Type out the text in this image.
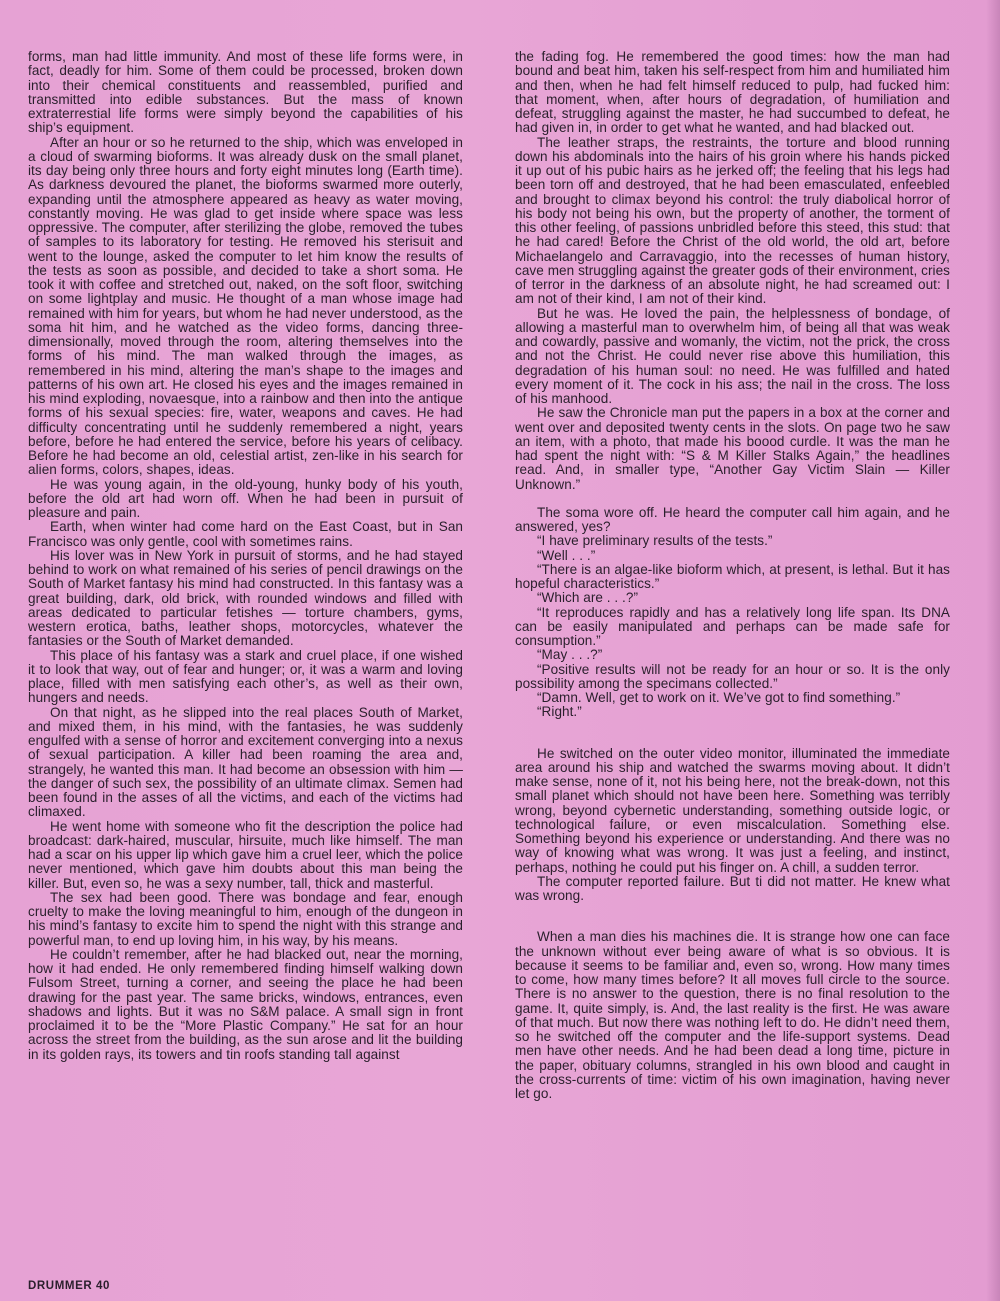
forms, man had little immunity. And most of these life forms were, in fact, deadly for him. Some of them could be processed, broken down into their chemical constituents and reassembled, purified and transmitted into edible substances. But the mass of known extraterrestial life forms were simply beyond the capabilities of his ship’s equipment.

After an hour or so he returned to the ship, which was enveloped in a cloud of swarming bioforms. It was already dusk on the small planet, its day being only three hours and forty eight minutes long (Earth time). As darkness devoured the planet, the bioforms swarmed more outerly, expanding until the atmosphere appeared as heavy as water moving, constantly moving. He was glad to get inside where space was less oppressive. The computer, after sterilizing the globe, removed the tubes of samples to its laboratory for testing. He removed his sterisuit and went to the lounge, asked the computer to let him know the results of the tests as soon as possible, and decided to take a short soma. He took it with coffee and stretched out, naked, on the soft floor, switching on some lightplay and music. He thought of a man whose image had remained with him for years, but whom he had never understood, as the soma hit him, and he watched as the video forms, dancing three-dimensionally, moved through the room, altering themselves into the forms of his mind. The man walked through the images, as remembered in his mind, altering the man’s shape to the images and patterns of his own art. He closed his eyes and the images remained in his mind exploding, novaesque, into a rainbow and then into the antique forms of his sexual species: fire, water, weapons and caves. He had difficulty concentrating until he suddenly remembered a night, years before, before he had entered the service, before his years of celibacy. Before he had become an old, celestial artist, zen-like in his search for alien forms, colors, shapes, ideas.

He was young again, in the old-young, hunky body of his youth, before the old art had worn off. When he had been in pursuit of pleasure and pain.

Earth, when winter had come hard on the East Coast, but in San Francisco was only gentle, cool with sometimes rains.

His lover was in New York in pursuit of storms, and he had stayed behind to work on what remained of his series of pencil drawings on the South of Market fantasy his mind had constructed. In this fantasy was a great building, dark, old brick, with rounded windows and filled with areas dedicated to particular fetishes — torture chambers, gyms, western erotica, baths, leather shops, motorcycles, whatever the fantasies or the South of Market demanded.

This place of his fantasy was a stark and cruel place, if one wished it to look that way, out of fear and hunger; or, it was a warm and loving place, filled with men satisfying each other’s, as well as their own, hungers and needs.

On that night, as he slipped into the real places South of Market, and mixed them, in his mind, with the fantasies, he was suddenly engulfed with a sense of horror and excitement converging into a nexus of sexual participation. A killer had been roaming the area and, strangely, he wanted this man. It had become an obsession with him — the danger of such sex, the possibility of an ultimate climax. Semen had been found in the asses of all the victims, and each of the victims had climaxed.

He went home with someone who fit the description the police had broadcast: dark-haired, muscular, hirsuite, much like himself. The man had a scar on his upper lip which gave him a cruel leer, which the police never mentioned, which gave him doubts about this man being the killer. But, even so, he was a sexy number, tall, thick and masterful.

The sex had been good. There was bondage and fear, enough cruelty to make the loving meaningful to him, enough of the dungeon in his mind’s fantasy to excite him to spend the night with this strange and powerful man, to end up loving him, in his way, by his means.

He couldn’t remember, after he had blacked out, near the morning, how it had ended. He only remembered finding himself walking down Fulsom Street, turning a corner, and seeing the place he had been drawing for the past year. The same bricks, windows, entrances, even shadows and lights. But it was no S&M palace. A small sign in front proclaimed it to be the “More Plastic Company.” He sat for an hour across the street from the building, as the sun arose and lit the building in its golden rays, its towers and tin roofs standing tall against

the fading fog. He remembered the good times: how the man had bound and beat him, taken his self-respect from him and humiliated him and then, when he had felt himself reduced to pulp, had fucked him: that moment, when, after hours of degradation, of humiliation and defeat, struggling against the master, he had succumbed to defeat, he had given in, in order to get what he wanted, and had blacked out.

The leather straps, the restraints, the torture and blood running down his abdominals into the hairs of his groin where his hands picked it up out of his pubic hairs as he jerked off; the feeling that his legs had been torn off and destroyed, that he had been emasculated, enfeebled and brought to climax beyond his control: the truly diabolical horror of his body not being his own, but the property of another, the torment of this other feeling, of passions unbridled before this steed, this stud: that he had cared! Before the Christ of the old world, the old art, before Michaelangelo and Carravaggio, into the recesses of human history, cave men struggling against the greater gods of their environment, cries of terror in the darkness of an absolute night, he had screamed out: I am not of their kind, I am not of their kind.

But he was. He loved the pain, the helplessness of bondage, of allowing a masterful man to overwhelm him, of being all that was weak and cowardly, passive and womanly, the victim, not the prick, the cross and not the Christ. He could never rise above this humiliation, this degradation of his human soul: no need. He was fulfilled and hated every moment of it. The cock in his ass; the nail in the cross. The loss of his manhood.

He saw the Chronicle man put the papers in a box at the corner and went over and deposited twenty cents in the slots. On page two he saw an item, with a photo, that made his boood curdle. It was the man he had spent the night with: “S & M Killer Stalks Again,” the headlines read. And, in smaller type, “Another Gay Victim Slain — Killer Unknown.”

The soma wore off. He heard the computer call him again, and he answered, yes?

“I have preliminary results of the tests.”

“Well . . .”

“There is an algae-like bioform which, at present, is lethal. But it has hopeful characteristics.”

“Which are . . .?”

“It reproduces rapidly and has a relatively long life span. Its DNA can be easily manipulated and perhaps can be made safe for consumption.”

“May . . .?”

“Positive results will not be ready for an hour or so. It is the only possibility among the specimans collected.”

“Damn. Well, get to work on it. We’ve got to find something.”

“Right.”

He switched on the outer video monitor, illuminated the immediate area around his ship and watched the swarms moving about. It didn’t make sense, none of it, not his being here, not the break-down, not this small planet which should not have been here. Something was terribly wrong, beyond cybernetic understanding, something outside logic, or technological failure, or even miscalculation. Something else. Something beyond his experience or understanding. And there was no way of knowing what was wrong. It was just a feeling, and instinct, perhaps, nothing he could put his finger on. A chill, a sudden terror.

The computer reported failure. But ti did not matter. He knew what was wrong.

When a man dies his machines die. It is strange how one can face the unknown without ever being aware of what is so obvious. It is because it seems to be familiar and, even so, wrong. How many times to come, how many times before? It all moves full circle to the source. There is no answer to the question, there is no final resolution to the game. It, quite simply, is. And, the last reality is the first. He was aware of that much. But now there was nothing left to do. He didn’t need them, so he switched off the computer and the life-support systems. Dead men have other needs. And he had been dead a long time, picture in the paper, obituary columns, strangled in his own blood and caught in the cross-currents of time: victim of his own imagination, having never let go.

DRUMMER 40
